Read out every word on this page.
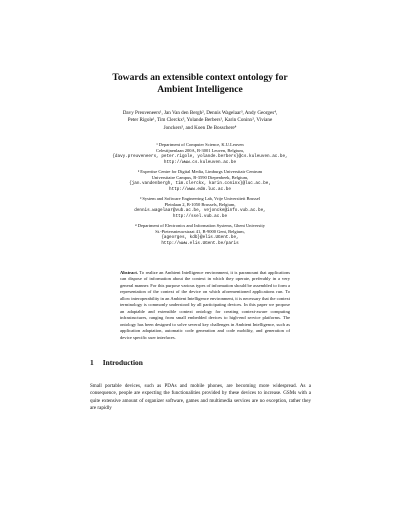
Towards an extensible context ontology for
Ambient Intelligence
Davy Preuveneers¹, Jan Van den Bergh², Dennis Wagelaar³, Andy Georges⁴,
Peter Rigole¹, Tim Clerckx², Yolande Berbers¹, Karin Coninx², Viviane
Jonckers³, and Koen De Bosschere⁴
¹ Department of Computer Science, K.U.Leuven
Celestijnenlaan 200A, B-3001 Leuven, Belgium,
{davy.preuveneers, peter.rigole, yolande.berbers}@cs.kuleuven.ac.be,
http://www.cs.kuleuven.ac.be
² Expertise Centre for Digital Media, Limburgs Universitair Centrum
Universitaire Campus, B-3590 Diepenbeek, Belgium,
{jan.vandenbergh, tim.clerckx, karin.coninx}@luc.ac.be,
http://www.edm.luc.ac.be
³ System and Software Engineering Lab, Vrije Universiteit Brussel
Pleinlaan 2, B-1050 Brussels, Belgium,
dennis.wagelaar@vub.ac.be, vejoncke@info.vub.ac.be,
http://ssel.vub.ac.be
⁴ Department of Electronics and Information Systems, Ghent University
St.-Pietersnieuwstraat 41, B-9000 Gent, Belgium,
{ageorges, kdb}@elis.UGent.be,
http://www.elis.UGent.be/paris
Abstract. To realize an Ambient Intelligence environment, it is paramount that applications can dispose of information about the context in which they operate, preferably in a very general manner. For this purpose various types of information should be assembled to form a representation of the context of the device on which aforementioned applications run. To allow interoperability in an Ambient Intelligence environment, it is necessary that the context terminology is commonly understood by all participating devices. In this paper we propose an adaptable and extensible context ontology for creating context-aware computing infrastructures, ranging from small embedded devices to high-end service platforms. The ontology has been designed to solve several key challenges in Ambient Intelligence, such as application adaptation, automatic code generation and code mobility, and generation of device specific user interfaces.
1 Introduction
Small portable devices, such as PDAs and mobile phones, are becoming more widespread. As a consequence, people are expecting the functionalities provided by these devices to increase. GSMs with a quite extensive amount of organizer software, games and multimedia services are no exception, rather they are rapidly
